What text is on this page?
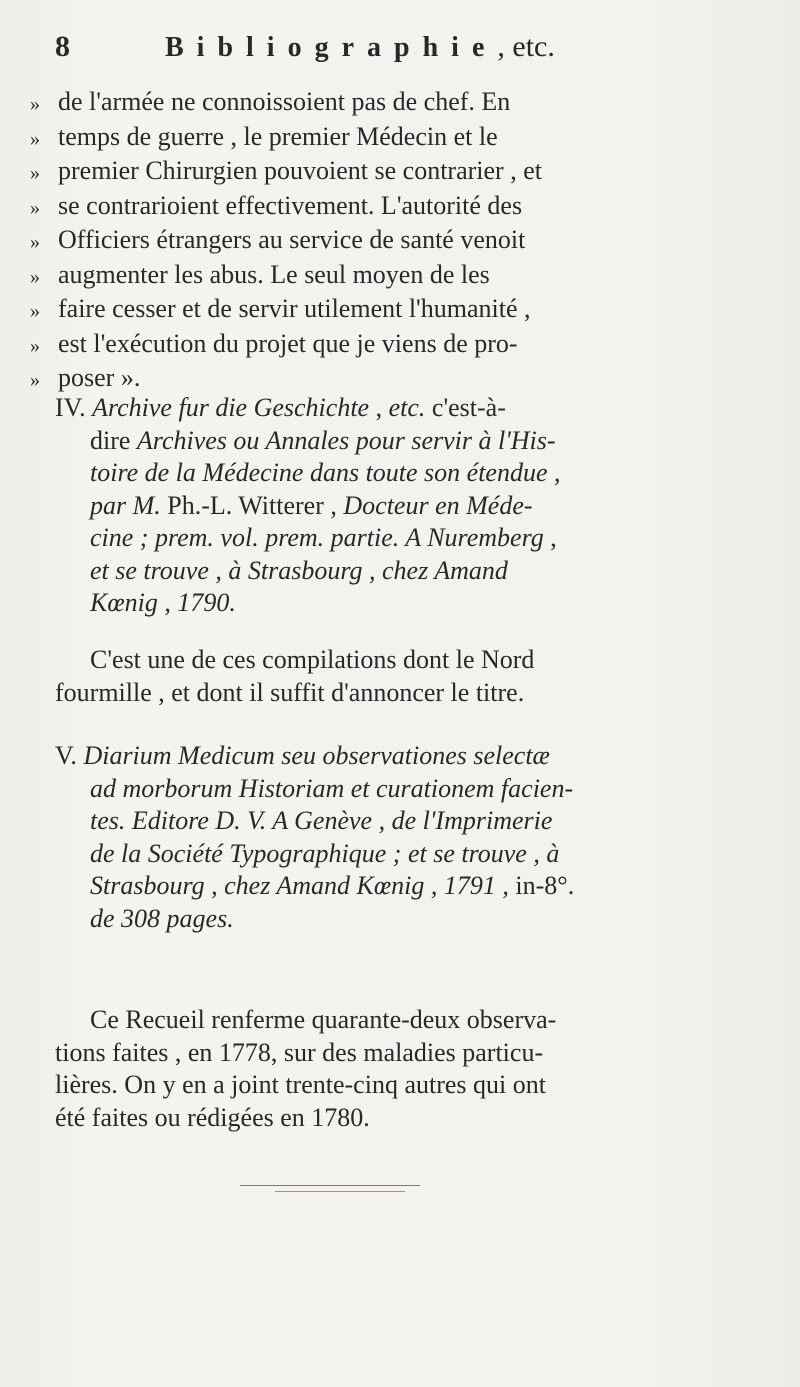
8	Bibliographie, etc.
» de l'armée ne connoissoient pas de chef. En
» temps de guerre , le premier Médecin et le
» premier Chirurgien pouvoient se contrarier , et
» se contrarioient effectivement. L'autorité des
» Officiers étrangers au service de santé venoit
» augmenter les abus. Le seul moyen de les
» faire cesser et de servir utilement l'humanité ,
» est l'exécution du projet que je viens de pro-
» poser ».
IV. Archive fur die Geschichte , etc. c'est-à-
dire Archives ou Annales pour servir à l'His-
toire de la Médecine dans toute son étendue ,
par M. Ph.-L. Witterer , Docteur en Méde-
cine ; prem. vol. prem. partie. A Nuremberg ,
et se trouve , à Strasbourg , chez Amand
Kœnig , 1790.
C'est une de ces compilations dont le Nord
fourmille , et dont il suffit d'annoncer le titre.
V. Diarium Medicum seu observationes selectæ
ad morborum Historiam et curationem facien-
tes. Editore D. V. A Genève , de l'Imprimerie
de la Société Typographique ; et se trouve , à
Strasbourg , chez Amand Kœnig , 1791 , in-8°.
de 308 pages.
Ce Recueil renferme quarante-deux observa-
tions faites , en 1778, sur des maladies particu-
lières. On y en a joint trente-cinq autres qui ont
été faites ou rédigées en 1780.
